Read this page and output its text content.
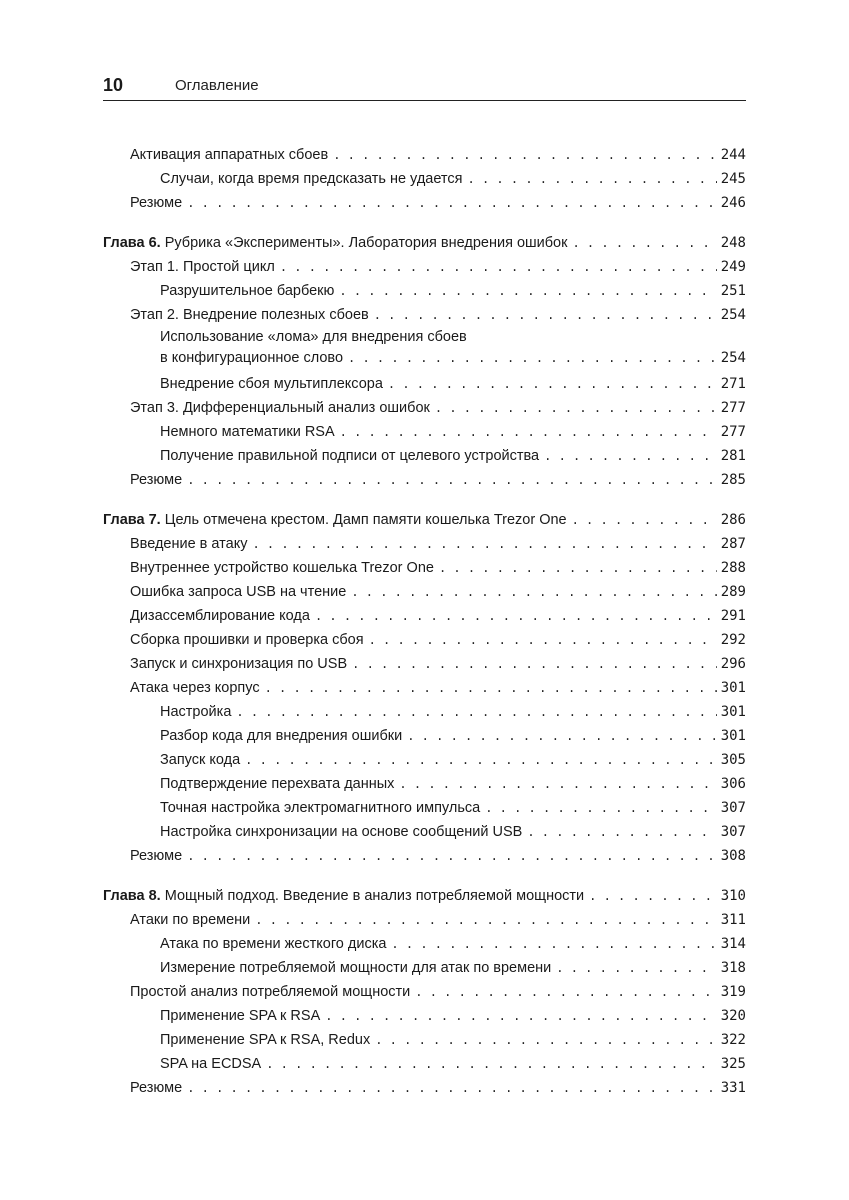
10	Оглавление
Активация аппаратных сбоев . . .	244
Случаи, когда время предсказать не удается . . .	245
Резюме . . .	246
Глава 6. Рубрика «Эксперименты». Лаборатория внедрения ошибок . . .	248
Этап 1. Простой цикл . . .	249
Разрушительное барбекю . . .	251
Этап 2. Внедрение полезных сбоев . . .	254
Использование «лома» для внедрения сбоев
в конфигурационное слово . . .	254
Внедрение сбоя мультиплексора . . .	271
Этап 3. Дифференциальный анализ ошибок . . .	277
Немного математики RSA . . .	277
Получение правильной подписи от целевого устройства . . .	281
Резюме . . .	285
Глава 7. Цель отмечена крестом. Дамп памяти кошелька Trezor One . . .	286
Введение в атаку . . .	287
Внутреннее устройство кошелька Trezor One . . .	288
Ошибка запроса USB на чтение . . .	289
Дизассемблирование кода . . .	291
Сборка прошивки и проверка сбоя . . .	292
Запуск и синхронизация по USB . . .	296
Атака через корпус . . .	301
Настройка . . .	301
Разбор кода для внедрения ошибки . . .	301
Запуск кода . . .	305
Подтверждение перехвата данных . . .	306
Точная настройка электромагнитного импульса . . .	307
Настройка синхронизации на основе сообщений USB . . .	307
Резюме . . .	308
Глава 8. Мощный подход. Введение в анализ потребляемой мощности . . .	310
Атаки по времени . . .	311
Атака по времени жесткого диска . . .	314
Измерение потребляемой мощности для атак по времени . . .	318
Простой анализ потребляемой мощности . . .	319
Применение SPA к RSA . . .	320
Применение SPA к RSA, Redux . . .	322
SPA на ECDSA . . .	325
Резюме . . .	331
